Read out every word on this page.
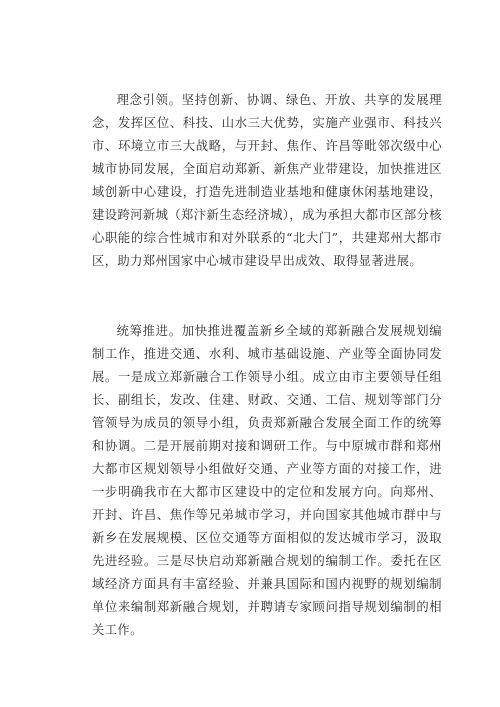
理念引领。坚持创新、协调、绿色、开放、共享的发展理念，发挥区位、科技、山水三大优势，实施产业强市、科技兴市、环境立市三大战略，与开封、焦作、许昌等毗邻次级中心城市协同发展，全面启动郑新、新焦产业带建设，加快推进区域创新中心建设，打造先进制造业基地和健康休闲基地建设，建设跨河新城（郑汴新生态经济城），成为承担大都市区部分核心职能的综合性城市和对外联系的“北大门”，共建郑州大都市区，助力郑州国家中心城市建设早出成效、取得显著进展。

统筹推进。加快推进覆盖新乡全域的郑新融合发展规划编制工作，推进交通、水利、城市基础设施、产业等全面协同发展。一是成立郑新融合工作领导小组。成立由市主要领导任组长、副组长，发改、住建、财政、交通、工信、规划等部门分管领导为成员的领导小组，负责郑新融合发展全面工作的统筹和协调。二是开展前期对接和调研工作。与中原城市群和郑州大都市区规划领导小组做好交通、产业等方面的对接工作，进一步明确我市在大都市区建设中的定位和发展方向。向郑州、开封、许昌、焦作等兄弟城市学习，并向国家其他城市群中与新乡在发展规模、区位交通等方面相似的发达城市学习，汲取先进经验。三是尽快启动郑新融合规划的编制工作。委托在区域经济方面具有丰富经验、并兼具国际和国内视野的规划编制单位来编制郑新融合规划，并聘请专家顾问指导规划编制的相关工作。
